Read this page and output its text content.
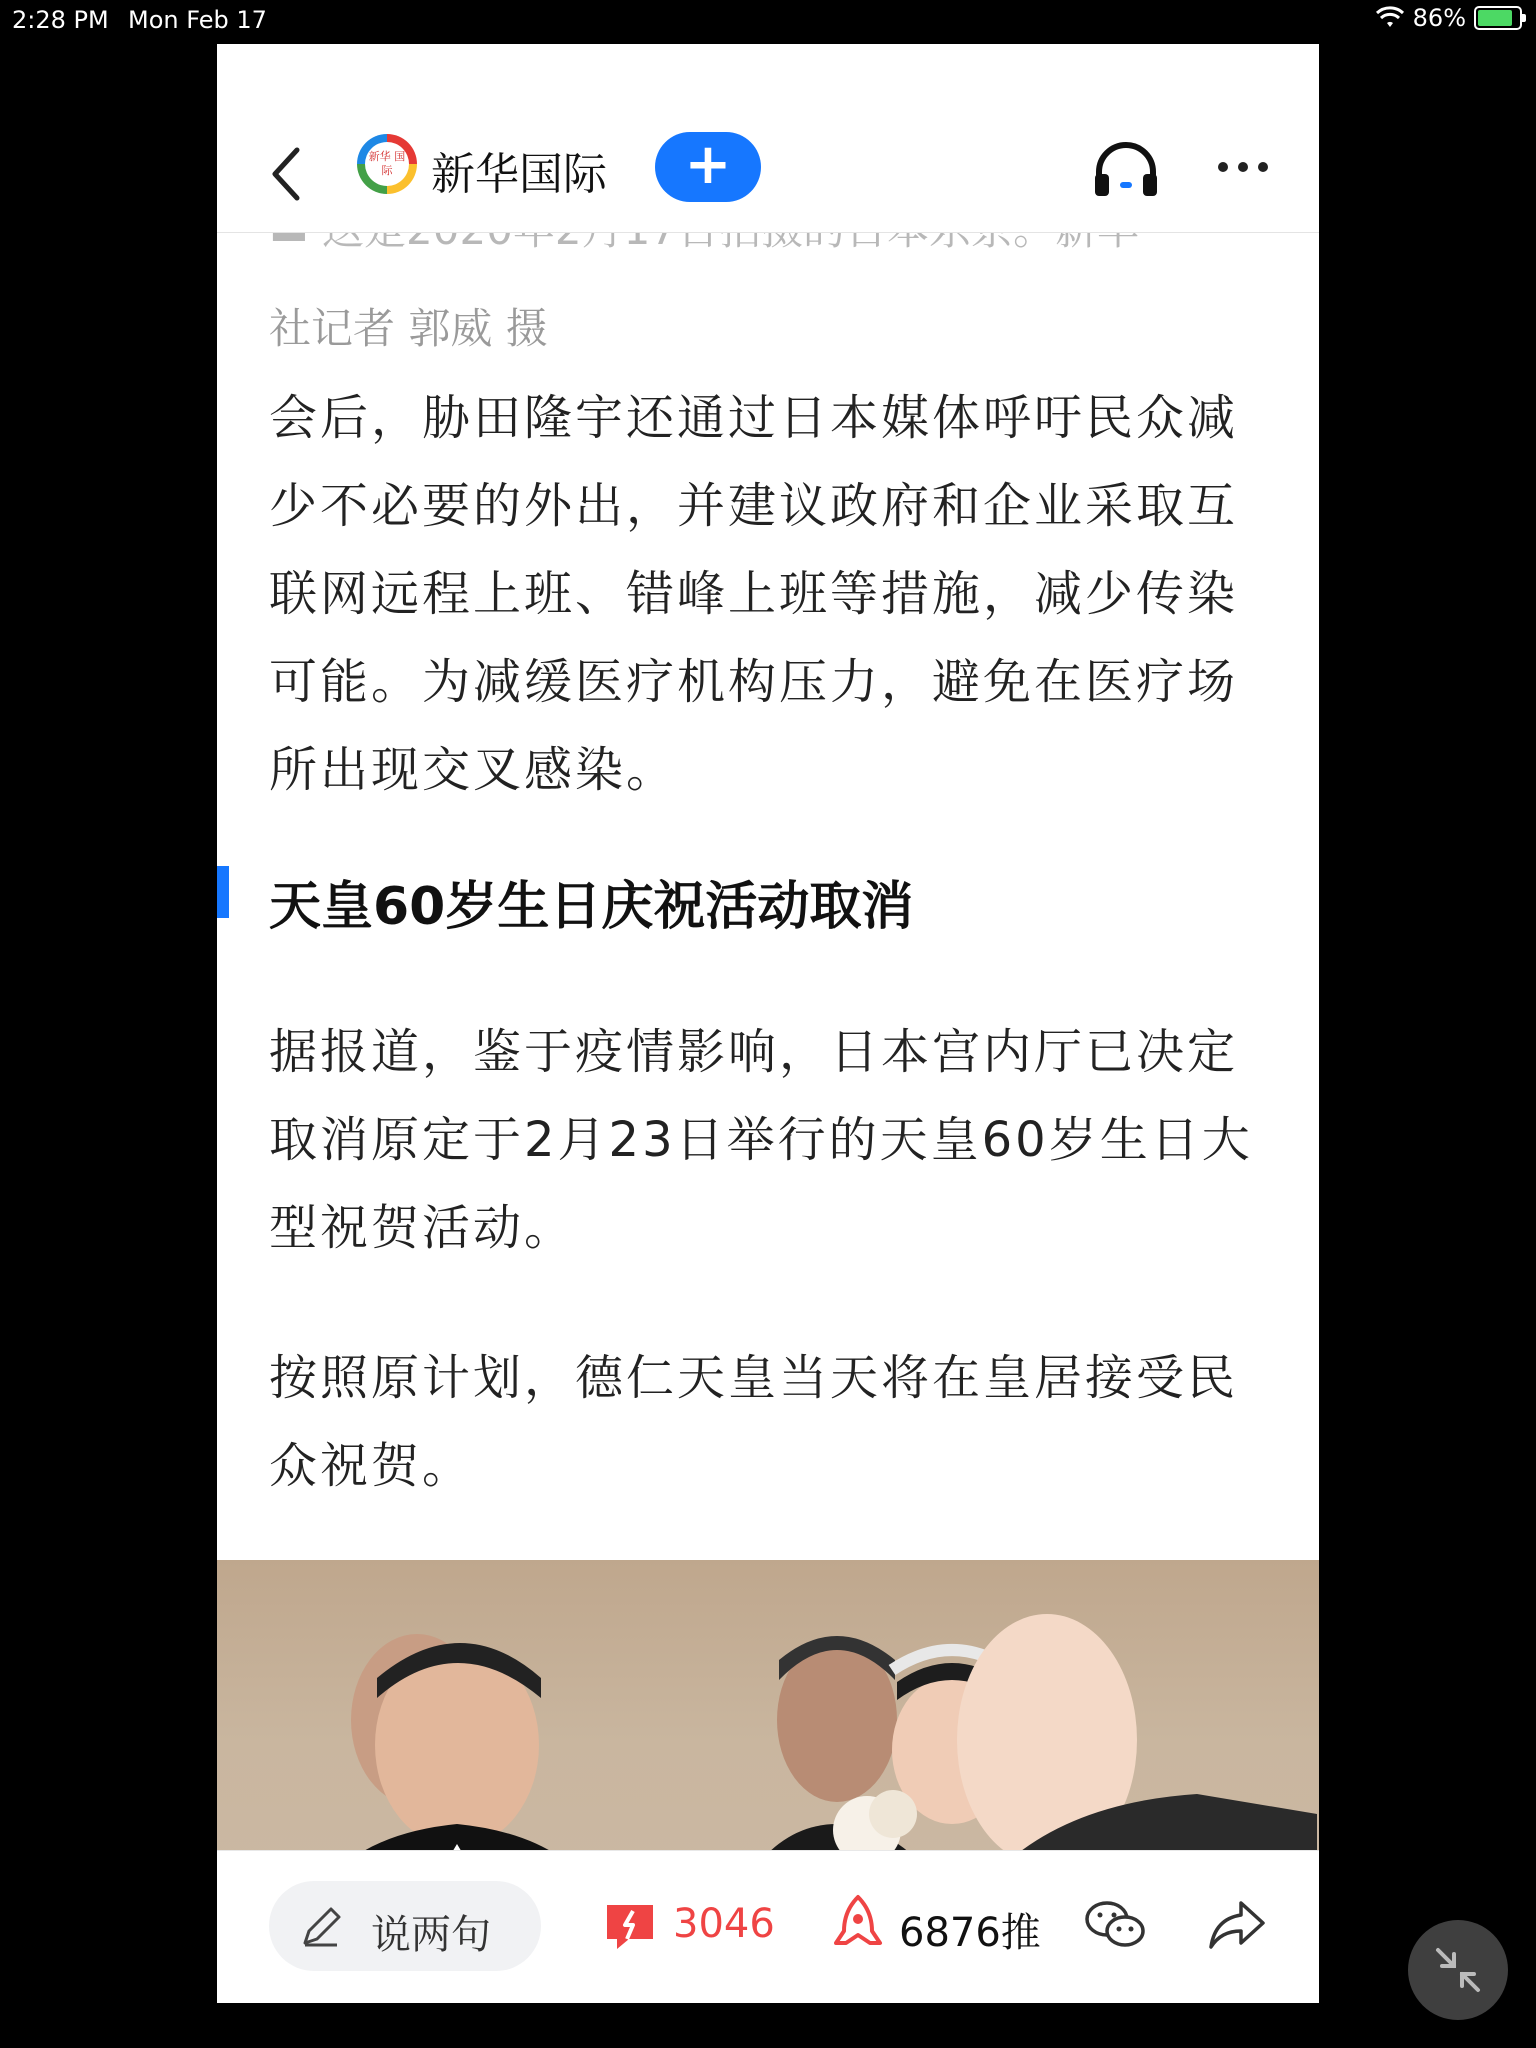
2:28 PM Mon Feb 17	86%
新华 国际 新华国际	+
社记者 郭威 摄
会后，胁田隆宇还通过日本媒体呼吁民众减少不必要的外出，并建议政府和企业采取互联网远程上班、错峰上班等措施，减少传染可能。为减缓医疗机构压力，避免在医疗场所出现交叉感染。
天皇60岁生日庆祝活动取消
据报道，鉴于疫情影响，日本宫内厅已决定取消原定于2月23日举行的天皇60岁生日大型祝贺活动。
按照原计划，德仁天皇当天将在皇居接受民众祝贺。
说两句	3046	6876推
